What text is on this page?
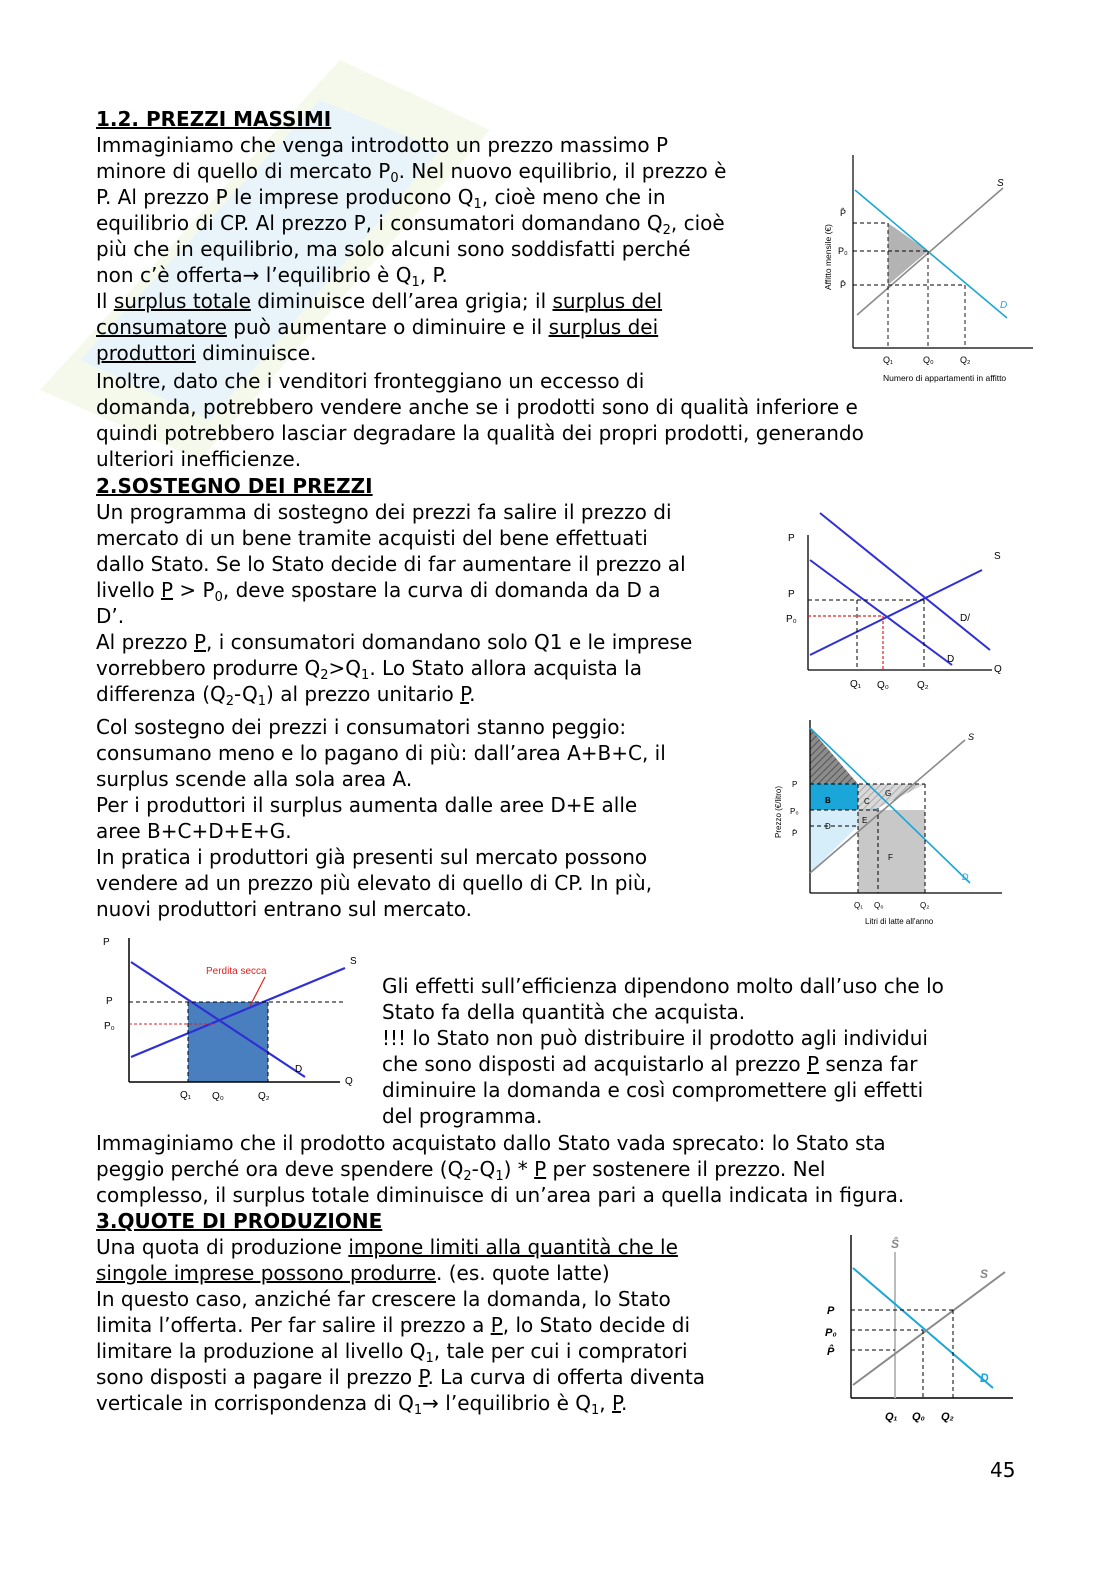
1.2. PREZZI MASSIMI

Immaginiamo che venga introdotto un prezzo massimo P

minore di quello di mercato $P_0$. Nel nuovo equilibrio, il prezzo è

P. Al prezzo P le imprese producono $Q_1$, cioè meno che in

equilibrio di CP. Al prezzo P, i consumatori domandano $Q_2$, cioè

più che in equilibrio, ma solo alcuni sono soddisfatti perché

non c’è offerta→ l’equilibrio è $Q_1$, P.

Il surplus totale diminuisce dell’area grigia; il surplus del

consumatore può aumentare o diminuire e il surplus dei

produttori diminuisce.

Inoltre, dato che i venditori fronteggiano un eccesso di

domanda, potrebbero vendere anche se i prodotti sono di qualità inferiore e

quindi potrebbero lasciar degradare la qualità dei propri prodotti, generando

ulteriori inefficienze.

P̂
P₀
P̄
Q₁	Q₀	Q₂
S
D
Numero di appartamenti in affitto
Affitto mensile (€)

2.SOSTEGNO DEI PREZZI

Un programma di sostegno dei prezzi fa salire il prezzo di

mercato di un bene tramite acquisti del bene effettuati

dallo Stato. Se lo Stato decide di far aumentare il prezzo al

livello $P > P_0$, deve spostare la curva di domanda da D a

D’.

Al prezzo P, i consumatori domandano solo Q1 e le imprese

vorrebbero produrre $Q_2>Q_1$. Lo Stato allora acquista la

differenza $(Q_2-Q_1)$ al prezzo unitario P.

Col sostegno dei prezzi i consumatori stanno peggio:

consumano meno e lo pagano di più: dall’area A+B+C, il

surplus scende alla sola area A.

Per i produttori il surplus aumenta dalle aree D+E alle

aree B+C+D+E+G.

In pratica i produttori già presenti sul mercato possono

vendere ad un prezzo più elevato di quello di CP. In più,

nuovi produttori entrano sul mercato.

P
Q
P
P₀
Q₁ Q₀	Q₂
S
D/
D
B	C
D
E
F
G
P
P₀
P̄
Q₁ Q₀	Q₂
S
D
Litri di latte all'anno
Prezzo (€/litro)
Perdita secca
P
Q
P
P₀
Q₁ Q₀	Q₂
S
D

Gli effetti sull’efficienza dipendono molto dall’uso che lo

Stato fa della quantità che acquista.

!!! lo Stato non può distribuire il prodotto agli individui

che sono disposti ad acquistarlo al prezzo P senza far

diminuire la domanda e così compromettere gli effetti

del programma.

Immaginiamo che il prodotto acquistato dallo Stato vada sprecato: lo Stato sta

peggio perché ora deve spendere $(Q_2-Q_1)$ * P per sostenere il prezzo. Nel

complesso, il surplus totale diminuisce di un’area pari a quella indicata in figura.

3.QUOTE DI PRODUZIONE

Una quota di produzione impone limiti alla quantità che le

singole imprese possono produrre. (es. quote latte)

In questo caso, anziché far crescere la domanda, lo Stato

limita l’offerta. Per far salire il prezzo a P, lo Stato decide di

limitare la produzione al livello $Q_1$, tale per cui i compratori

sono disposti a pagare il prezzo P. La curva di offerta diventa

verticale in corrispondenza di $Q_1\to$ l’equilibrio è $Q_1$, P.

Ŝ
S
D
P
P₀
P̂
Q₁ Q₀ Q₂
45
